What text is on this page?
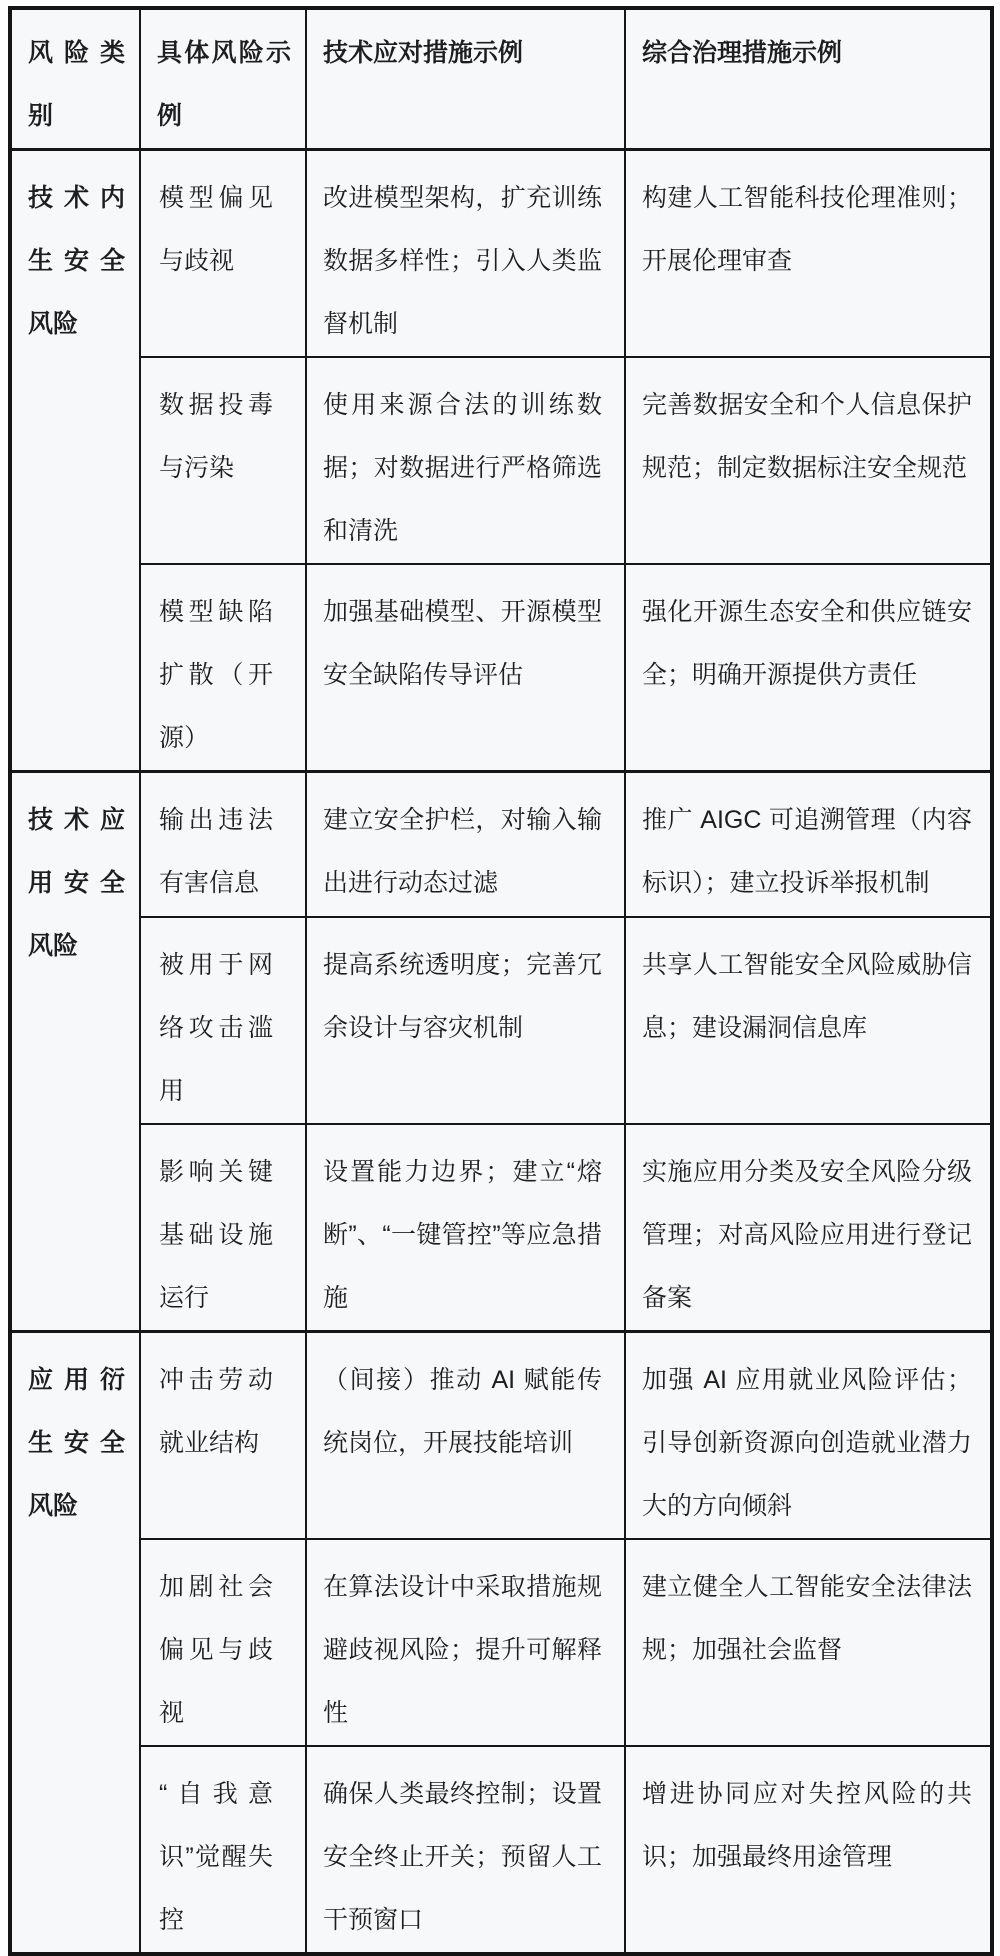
风险类别	具体风险示例	技术应对措施示例	综合治理措施示例
技术内生安全风险	模型偏见与歧视	改进模型架构，扩充训练数据多样性；引入人类监督机制	构建人工智能科技伦理准则；开展伦理审查
	数据投毒与污染	使用来源合法的训练数据；对数据进行严格筛选和清洗	完善数据安全和个人信息保护规范；制定数据标注安全规范
	模型缺陷扩散（开源）	加强基础模型、开源模型安全缺陷传导评估	强化开源生态安全和供应链安全；明确开源提供方责任
技术应用安全风险	输出违法有害信息	建立安全护栏，对输入输出进行动态过滤	推广 AIGC 可追溯管理（内容标识）；建立投诉举报机制
	被用于网络攻击滥用	提高系统透明度；完善冗余设计与容灾机制	共享人工智能安全风险威胁信息；建设漏洞信息库
	影响关键基础设施运行	设置能力边界；建立“熔断”、“一键管控”等应急措施	实施应用分类及安全风险分级管理；对高风险应用进行登记备案
应用衍生安全风险	冲击劳动就业结构	（间接）推动 AI 赋能传统岗位，开展技能培训	加强 AI 应用就业风险评估；引导创新资源向创造就业潜力大的方向倾斜
	加剧社会偏见与歧视	在算法设计中采取措施规避歧视风险；提升可解释性	建立健全人工智能安全法律法规；加强社会监督
	“自我意识”觉醒失控	确保人类最终控制；设置安全终止开关；预留人工干预窗口	增进协同应对失控风险的共识；加强最终用途管理
